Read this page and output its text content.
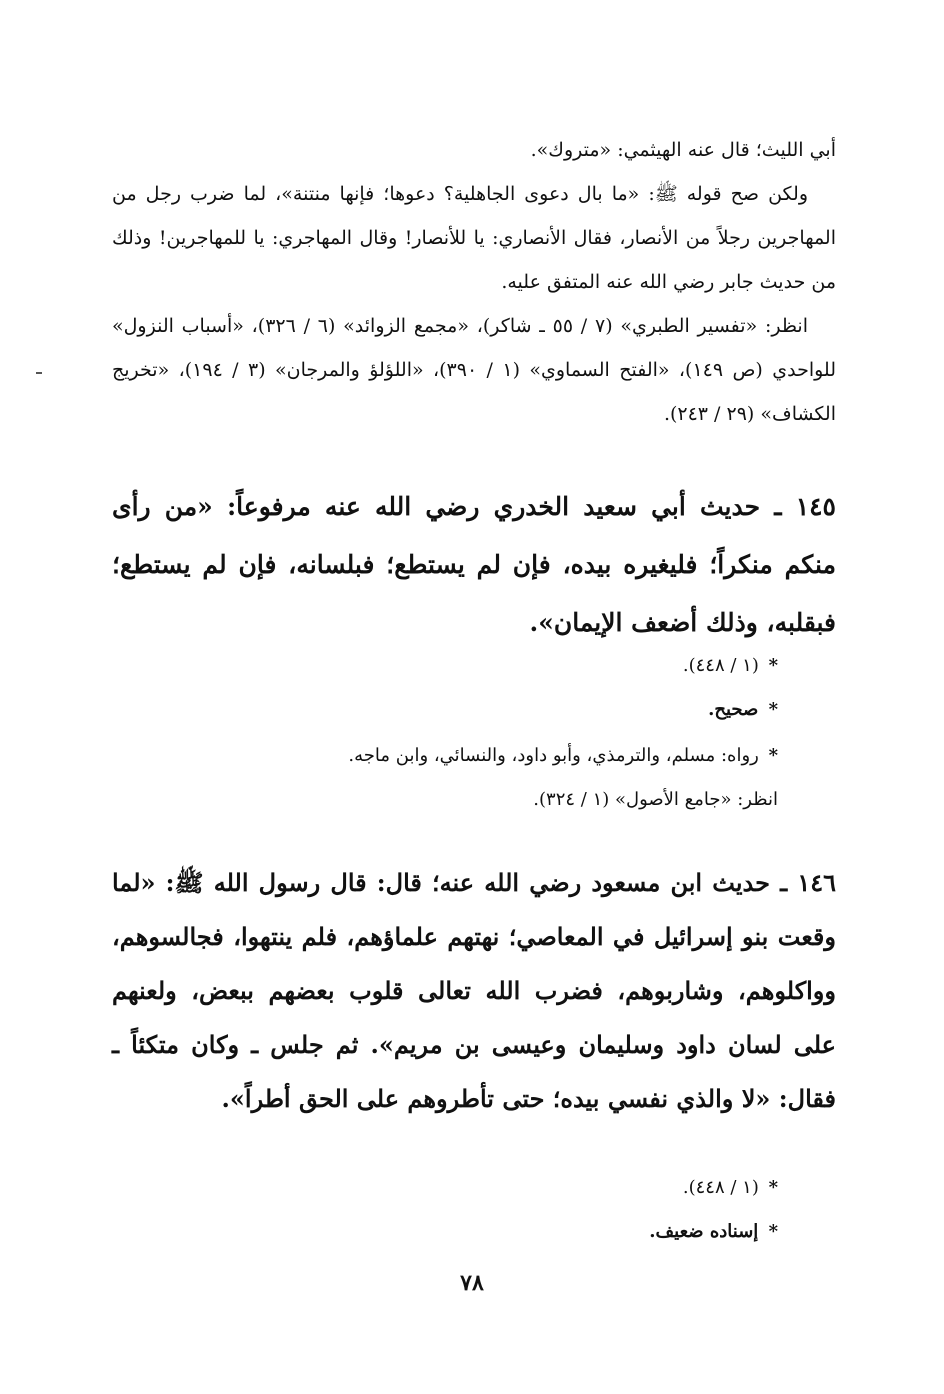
أبي الليث؛ قال عنه الهيثمي: «متروك».

ولكن صح قوله ﷺ: «ما بال دعوى الجاهلية؟ دعوها؛ فإنها منتنة»، لما ضرب رجل من المهاجرين رجلاً من الأنصار، فقال الأنصاري: يا للأنصار! وقال المهاجري: يا للمهاجرين! وذلك من حديث جابر رضي الله عنه المتفق عليه.

انظر: «تفسير الطبري» (٧ / ٥٥ ـ شاكر)، «مجمع الزوائد» (٦ / ٣٢٦)، «أسباب النزول» للواحدي (ص ١٤٩)، «الفتح السماوي» (١ / ٣٩٠)، «اللؤلؤ والمرجان» (٣ / ١٩٤)، «تخريج الكشاف» (٢٩ / ٢٤٣).

١٤٥ ـ حديث أبي سعيد الخدري رضي الله عنه مرفوعاً: «من رأى منكم منكراً؛ فليغيره بيده، فإن لم يستطع؛ فبلسانه، فإن لم يستطع؛ فبقلبه، وذلك أضعف الإيمان».

* (١ / ٤٤٨).
* صحيح.
* رواه: مسلم، والترمذي، وأبو داود، والنسائي، وابن ماجه.
انظر: «جامع الأصول» (١ / ٣٢٤).

١٤٦ ـ حديث ابن مسعود رضي الله عنه؛ قال: قال رسول الله ﷺ: «لما وقعت بنو إسرائيل في المعاصي؛ نهتهم علماؤهم، فلم ينتهوا، فجالسوهم، وواكلوهم، وشاربوهم، فضرب الله تعالى قلوب بعضهم ببعض، ولعنهم على لسان داود وسليمان وعيسى بن مريم». ثم جلس ـ وكان متكئاً ـ فقال: «لا والذي نفسي بيده؛ حتى تأطروهم على الحق أطراً».

* (١ / ٤٤٨).
* إسناده ضعيف.
٧٨
